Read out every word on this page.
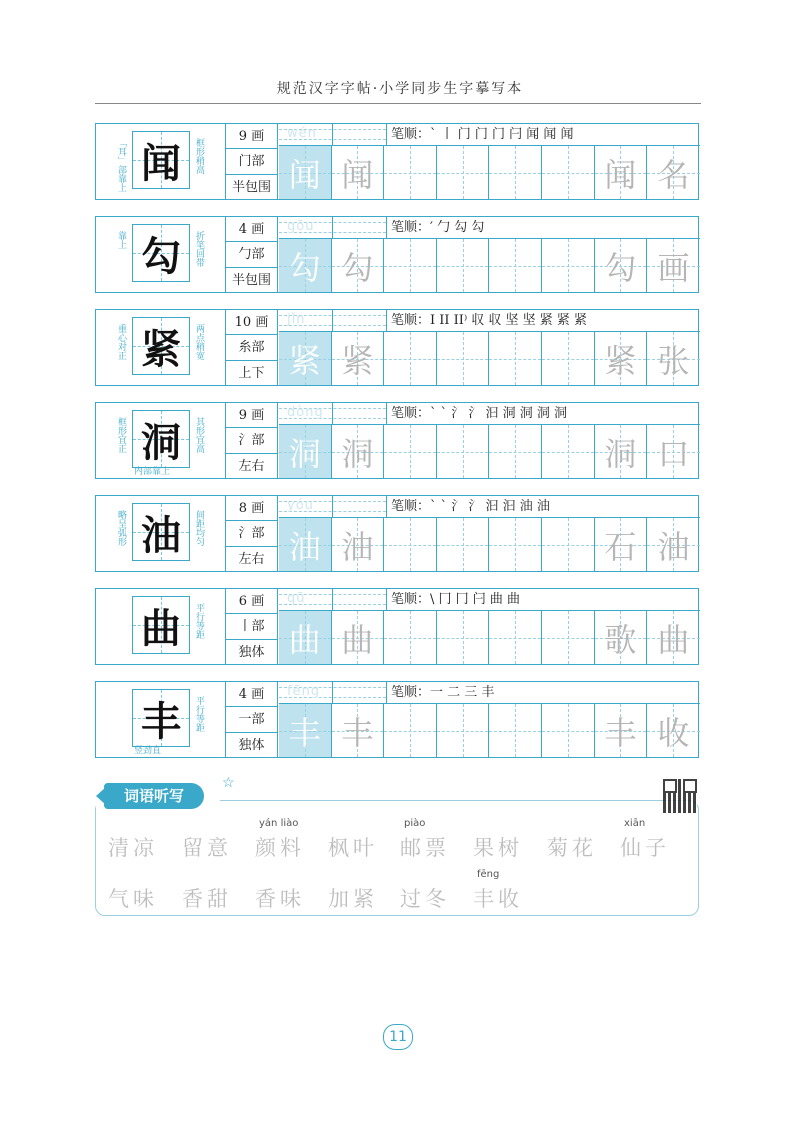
规范汉字字帖·小学同步生字摹写本
「耳」部靠上 闻	框形稍高
9 画
门部
半包围
wén	笔顺：` 丨 门 门 门 闩 闻 闻 闻
闻 闻	闻 名
靠上 勾	折笔回带
4 画
勹部
半包围
gōu	笔顺：′ 勹 勾 勾
勾 勾	勾 画
重心对正 紧	两点稍宽
10 画
糸部
上下
jǐn	笔顺：I II II⁾ 収 収 坚 坚 紧 紧 紧
紧 紧	紧 张
框形宜正 洞	其形宜高
内部靠上
9 画
氵部
左右
dòng	笔顺：` ˋ 氵 氵 汩 洞 洞 洞 洞
洞 洞	洞 口
略呈弧形 油	间距均匀
8 画
氵部
左右
yóu	笔顺：` ˋ 氵 氵 汩 汩 油 油
油 油	石 油
曲	平行等距
6 画
丨部
独体
qū	笔顺：\ 冂 冂 闩 曲 曲
曲 曲	歌 曲
丰	平行等距
竖劲直
4 画
一部
独体
fēng	笔顺：一 二 三 丰
丰 丰	丰 收
词语听写
☆
清凉 留意 颜料
yán liào
枫叶 邮票
piào
果树 菊花 仙子
xiān
气味 香甜 香味 加紧 过冬 丰收
fēng
11
